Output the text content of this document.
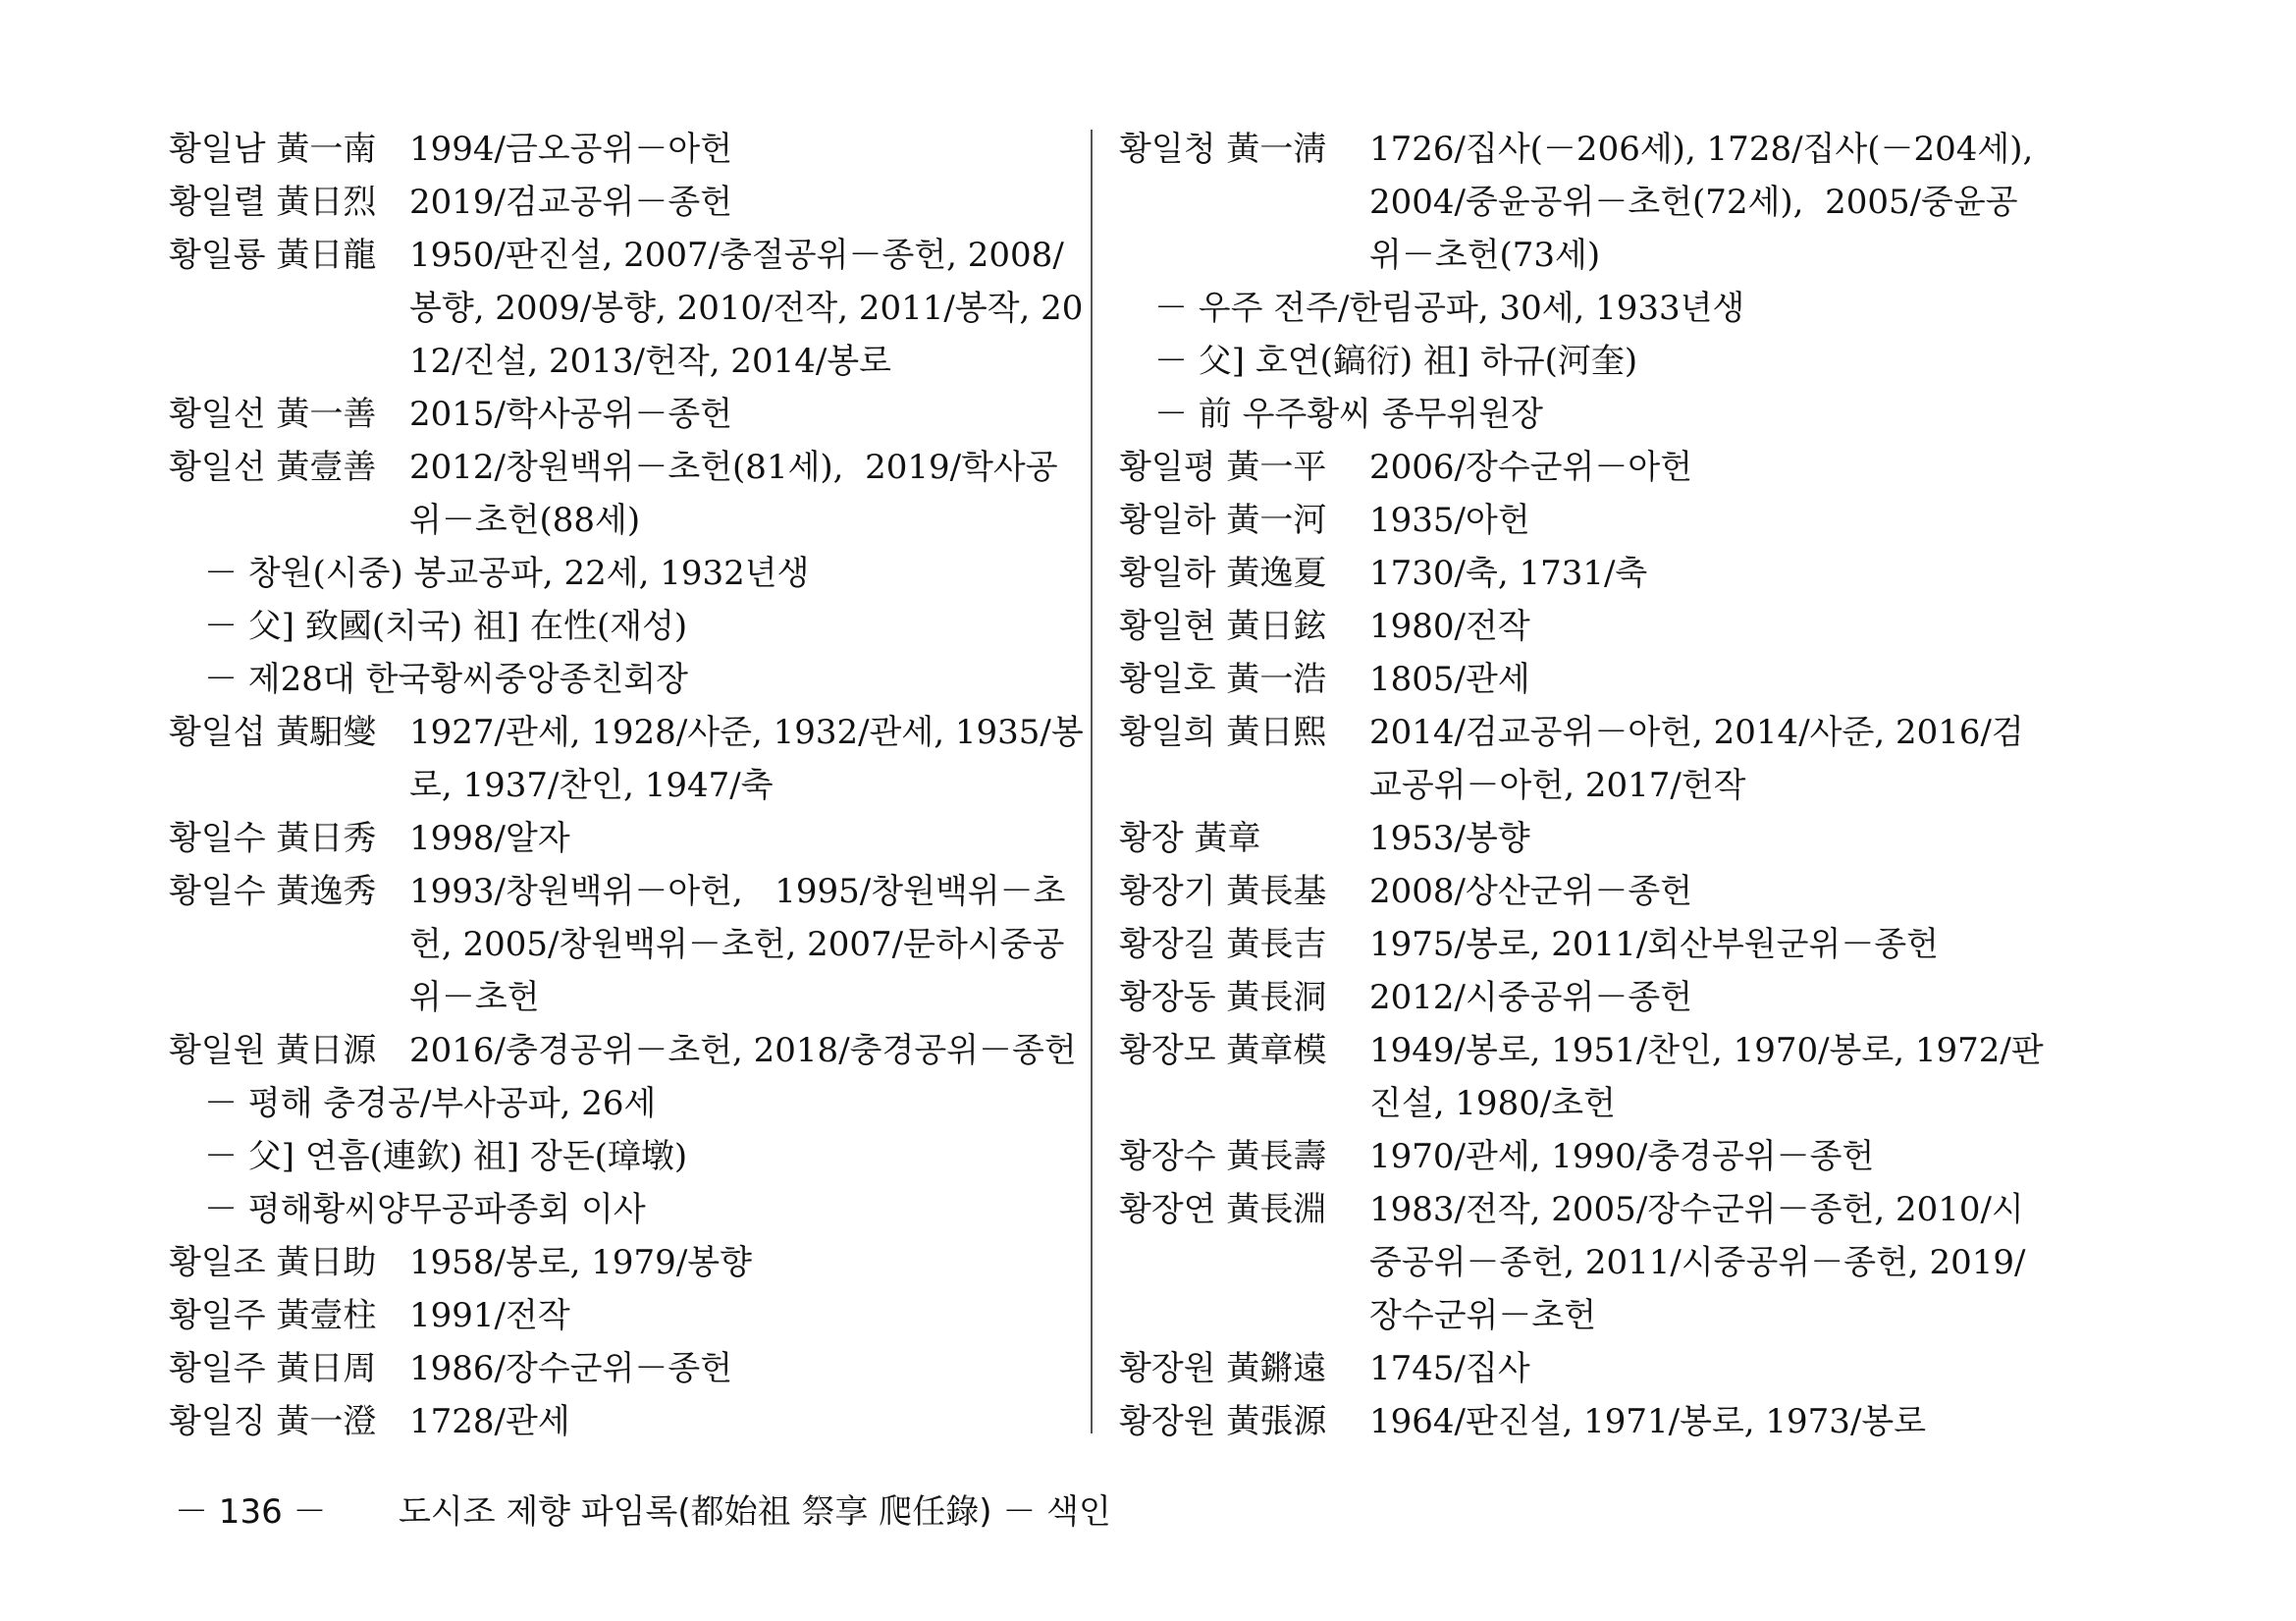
황일남 黃一南 1994/금오공위－아헌
황일렬 黃日烈 2019/검교공위－종헌
황일룡 黃日龍 1950/판진설, 2007/충절공위－종헌, 2008/
봉향, 2009/봉향, 2010/전작, 2011/봉작, 20
12/진설, 2013/헌작, 2014/봉로
황일선 黃一善 2015/학사공위－종헌
황일선 黃壹善 2012/창원백위－초헌(81세),  2019/학사공
위－초헌(88세)
－ 창원(시중) 봉교공파, 22세, 1932년생
－ 父] 致國(치국) 祖] 在性(재성)
－ 제28대 한국황씨중앙종친회장
황일섭 黃馹燮 1927/관세, 1928/사준, 1932/관세, 1935/봉
로, 1937/찬인, 1947/축
황일수 黃日秀 1998/알자
황일수 黃逸秀 1993/창원백위－아헌,   1995/창원백위－초
헌, 2005/창원백위－초헌, 2007/문하시중공
위－초헌
황일원 黃日源 2016/충경공위－초헌, 2018/충경공위－종헌
－ 평해 충경공/부사공파, 26세
－ 父] 연흠(連欽) 祖] 장돈(璋墩)
－ 평해황씨양무공파종회 이사
황일조 黃日助 1958/봉로, 1979/봉향
황일주 黃壹柱 1991/전작
황일주 黃日周 1986/장수군위－종헌
황일징 黃一澄 1728/관세
황일청 黃一淸	1726/집사(－206세), 1728/집사(－204세),
2004/중윤공위－초헌(72세),  2005/중윤공
위－초헌(73세)
－ 우주 전주/한림공파, 30세, 1933년생
－ 父] 호연(鎬衍) 祖] 하규(河奎)
－ 前 우주황씨 종무위원장
황일평 黃一平	2006/장수군위－아헌
황일하 黃一河	1935/아헌
황일하 黃逸夏	1730/축, 1731/축
황일현 黃日鉉	1980/전작
황일호 黃一浩	1805/관세
황일희 黃日熙	2014/검교공위－아헌, 2014/사준, 2016/검
교공위－아헌, 2017/헌작
황장 黃章	1953/봉향
황장기 黃長基	2008/상산군위－종헌
황장길 黃長吉	1975/봉로, 2011/회산부원군위－종헌
황장동 黃長洞	2012/시중공위－종헌
황장모 黃章模	1949/봉로, 1951/찬인, 1970/봉로, 1972/판
진설, 1980/초헌
황장수 黃長壽	1970/관세, 1990/충경공위－종헌
황장연 黃長淵	1983/전작, 2005/장수군위－종헌, 2010/시
중공위－종헌, 2011/시중공위－종헌, 2019/
장수군위－초헌
황장원 黃鏘遠	1745/집사
황장원 黃張源	1964/판진설, 1971/봉로, 1973/봉로
－ 136 － 도시조 제향 파임록(都始祖 祭享 爬任錄) － 색인
